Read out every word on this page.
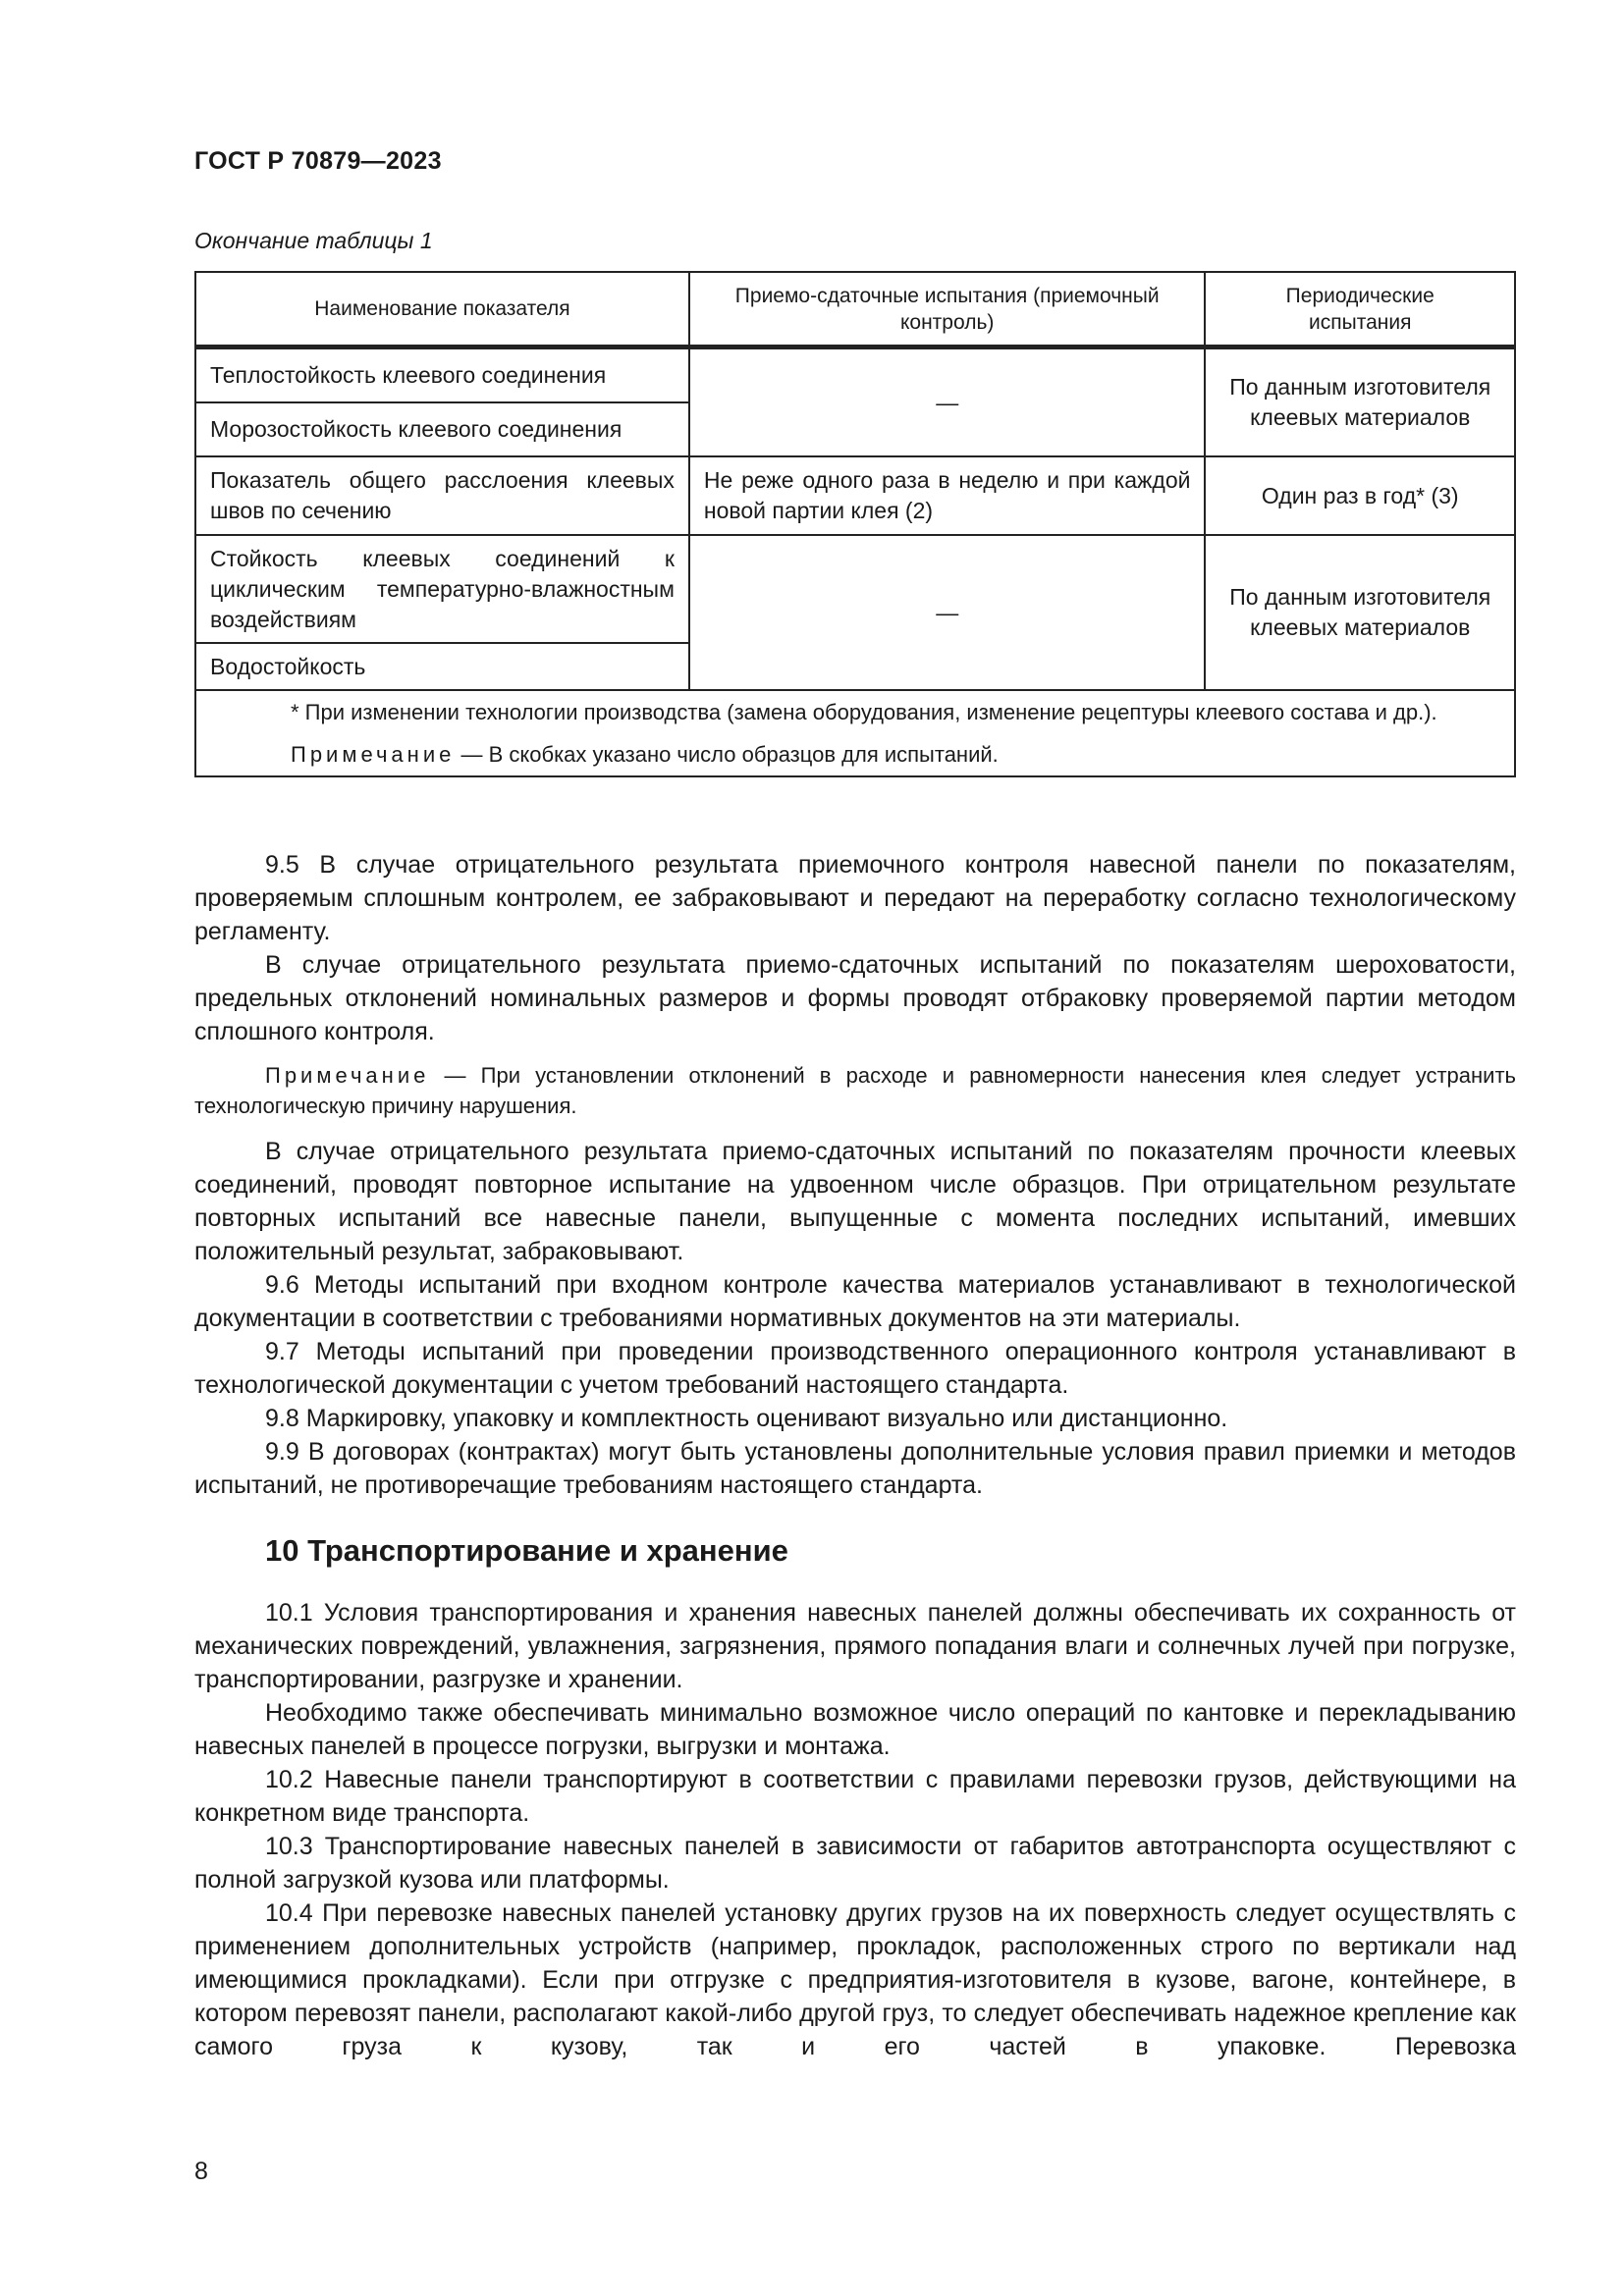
ГОСТ Р 70879—2023
Окончание таблицы 1
Наименование показателя	Приемо-сдаточные испытания (приемочный контроль)	Периодические испытания
Теплостойкость клеевого соединения	—	По данным изготовителя клеевых материалов
Морозостойкость клеевого соединения		
Показатель общего расслоения клеевых швов по сечению	Не реже одного раза в неделю и при каждой новой партии клея (2)	Один раз в год* (3)
Стойкость клеевых соединений к циклическим температурно-влажностным воздействиям	—	По данным изготовителя клеевых материалов
Водостойкость		

* При изменении технологии производства (замена оборудования, изменение рецептуры клеевого состава и др.).

Примечание — В скобках указано число образцов для испытаний.		

9.5 В случае отрицательного результата приемочного контроля навесной панели по показателям, проверяемым сплошным контролем, ее забраковывают и передают на переработку согласно технологическому регламенту.

В случае отрицательного результата приемо-сдаточных испытаний по показателям шероховатости, предельных отклонений номинальных размеров и формы проводят отбраковку проверяемой партии методом сплошного контроля.

Примечание — При установлении отклонений в расходе и равномерности нанесения клея следует устранить технологическую причину нарушения.

В случае отрицательного результата приемо-сдаточных испытаний по показателям прочности клеевых соединений, проводят повторное испытание на удвоенном числе образцов. При отрицательном результате повторных испытаний все навесные панели, выпущенные с момента последних испытаний, имевших положительный результат, забраковывают.

9.6 Методы испытаний при входном контроле качества материалов устанавливают в технологической документации в соответствии с требованиями нормативных документов на эти материалы.

9.7 Методы испытаний при проведении производственного операционного контроля устанавливают в технологической документации с учетом требований настоящего стандарта.

9.8 Маркировку, упаковку и комплектность оценивают визуально или дистанционно.

9.9 В договорах (контрактах) могут быть установлены дополнительные условия правил приемки и методов испытаний, не противоречащие требованиям настоящего стандарта.

10 Транспортирование и хранение

10.1 Условия транспортирования и хранения навесных панелей должны обеспечивать их сохранность от механических повреждений, увлажнения, загрязнения, прямого попадания влаги и солнечных лучей при погрузке, транспортировании, разгрузке и хранении.

Необходимо также обеспечивать минимально возможное число операций по кантовке и перекладыванию навесных панелей в процессе погрузки, выгрузки и монтажа.

10.2 Навесные панели транспортируют в соответствии с правилами перевозки грузов, действующими на конкретном виде транспорта.

10.3 Транспортирование навесных панелей в зависимости от габаритов автотранспорта осуществляют с полной загрузкой кузова или платформы.

10.4 При перевозке навесных панелей установку других грузов на их поверхность следует осуществлять с применением дополнительных устройств (например, прокладок, расположенных строго по вертикали над имеющимися прокладками). Если при отгрузке с предприятия-изготовителя в кузове, вагоне, контейнере, в котором перевозят панели, располагают какой-либо другой груз, то следует обеспечивать надежное крепление как самого груза к кузову, так и его частей в упаковке. Перевозка

8
